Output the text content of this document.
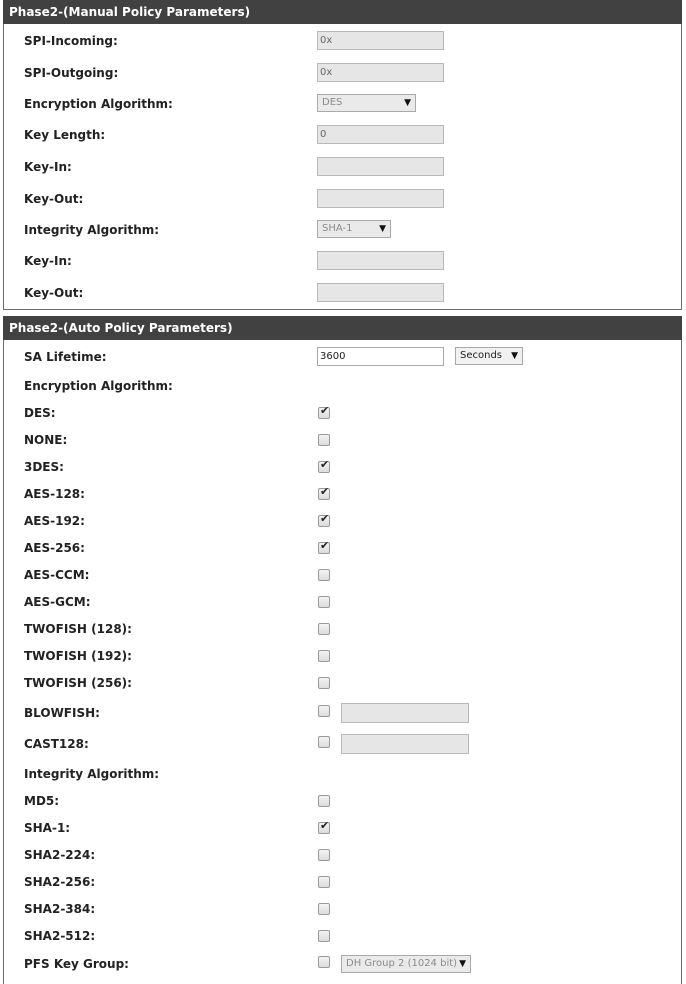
Phase2-(Manual Policy Parameters)
SPI-Incoming:	0x
SPI-Outgoing:	0x
Encryption Algorithm:	DES	▼
Key Length:	0
Key-In:
Key-Out:
Integrity Algorithm:	SHA-1	▼
Key-In:
Key-Out:
Phase2-(Auto Policy Parameters)
SA Lifetime:	3600	Seconds ▼
Encryption Algorithm:
DES:	✔
NONE:
3DES:	✔
AES-128:	✔
AES-192:	✔
AES-256:	✔
AES-CCM:
AES-GCM:
TWOFISH (128):
TWOFISH (192):
TWOFISH (256):
BLOWFISH:
CAST128:
Integrity Algorithm:
MD5:
SHA-1:	✔
SHA2-224:
SHA2-256:
SHA2-384:
SHA2-512:
PFS Key Group:	DH Group 2 (1024 bit) ▼
